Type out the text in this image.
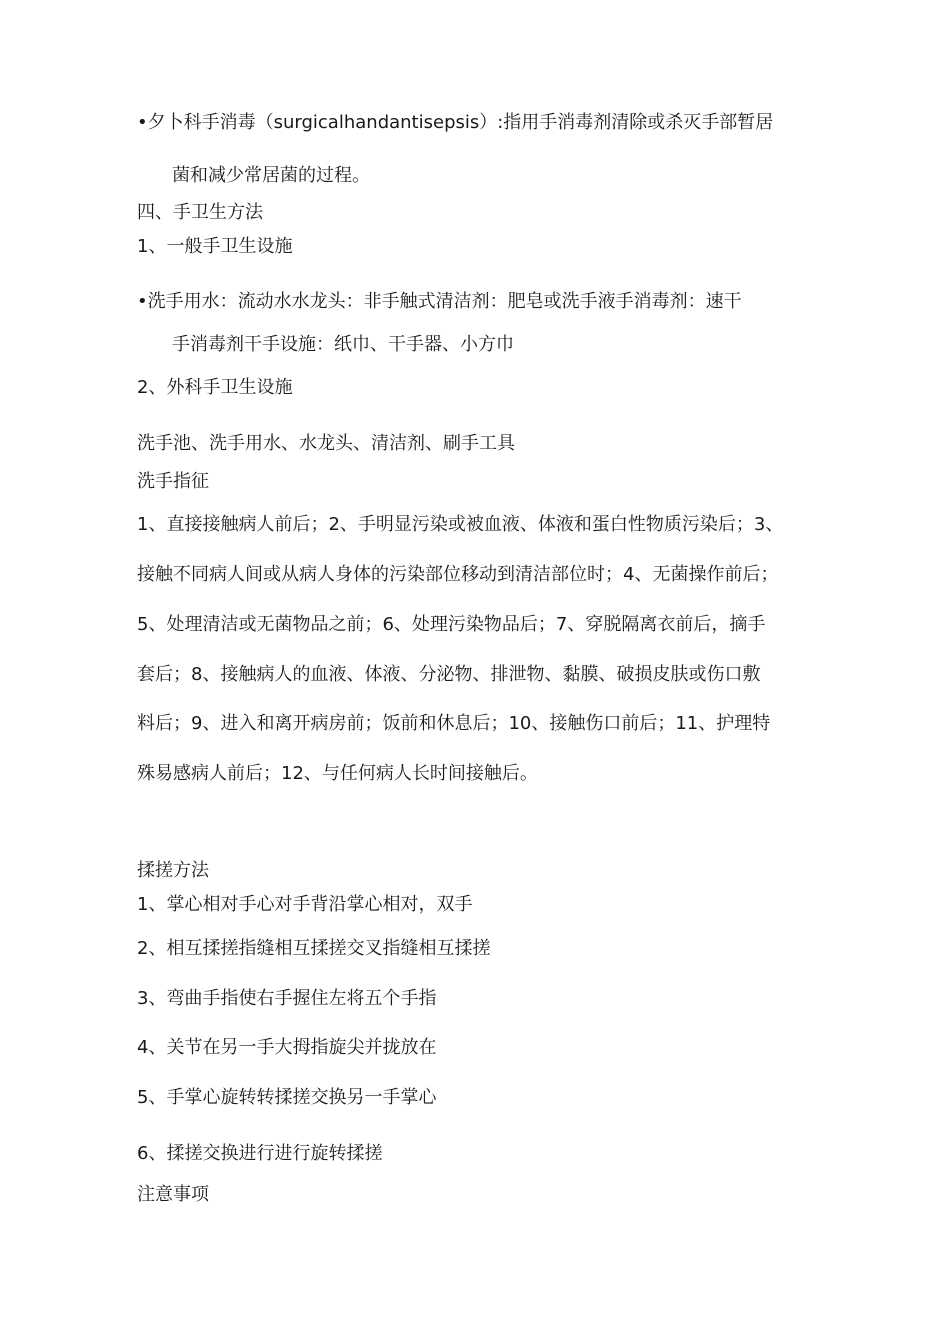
•夕卜科手消毒（surgicalhandantisepsis）:指用手消毒剂清除或杀灭手部暂居
菌和减少常居菌的过程。
四、手卫生方法
1、一般手卫生设施
•洗手用水：流动水水龙头：非手触式清洁剂：肥皂或洗手液手消毒剂：速干
手消毒剂干手设施：纸巾、干手器、小方巾
2、外科手卫生设施
洗手池、洗手用水、水龙头、清洁剂、刷手工具
洗手指征
1、直接接触病人前后；2、手明显污染或被血液、体液和蛋白性物质污染后；3、
接触不同病人间或从病人身体的污染部位移动到清洁部位时；4、无菌操作前后；
5、处理清洁或无菌物品之前；6、处理污染物品后；7、穿脱隔离衣前后，摘手
套后；8、接触病人的血液、体液、分泌物、排泄物、黏膜、破损皮肤或伤口敷
料后；9、进入和离开病房前；饭前和休息后；10、接触伤口前后；11、护理特
殊易感病人前后；12、与任何病人长时间接触后。
揉搓方法
1、掌心相对手心对手背沿掌心相对，双手
2、相互揉搓指缝相互揉搓交叉指缝相互揉搓
3、弯曲手指使右手握住左将五个手指
4、关节在另一手大拇指旋尖并拢放在
5、手掌心旋转转揉搓交换另一手掌心
6、揉搓交换进行进行旋转揉搓
注意事项
